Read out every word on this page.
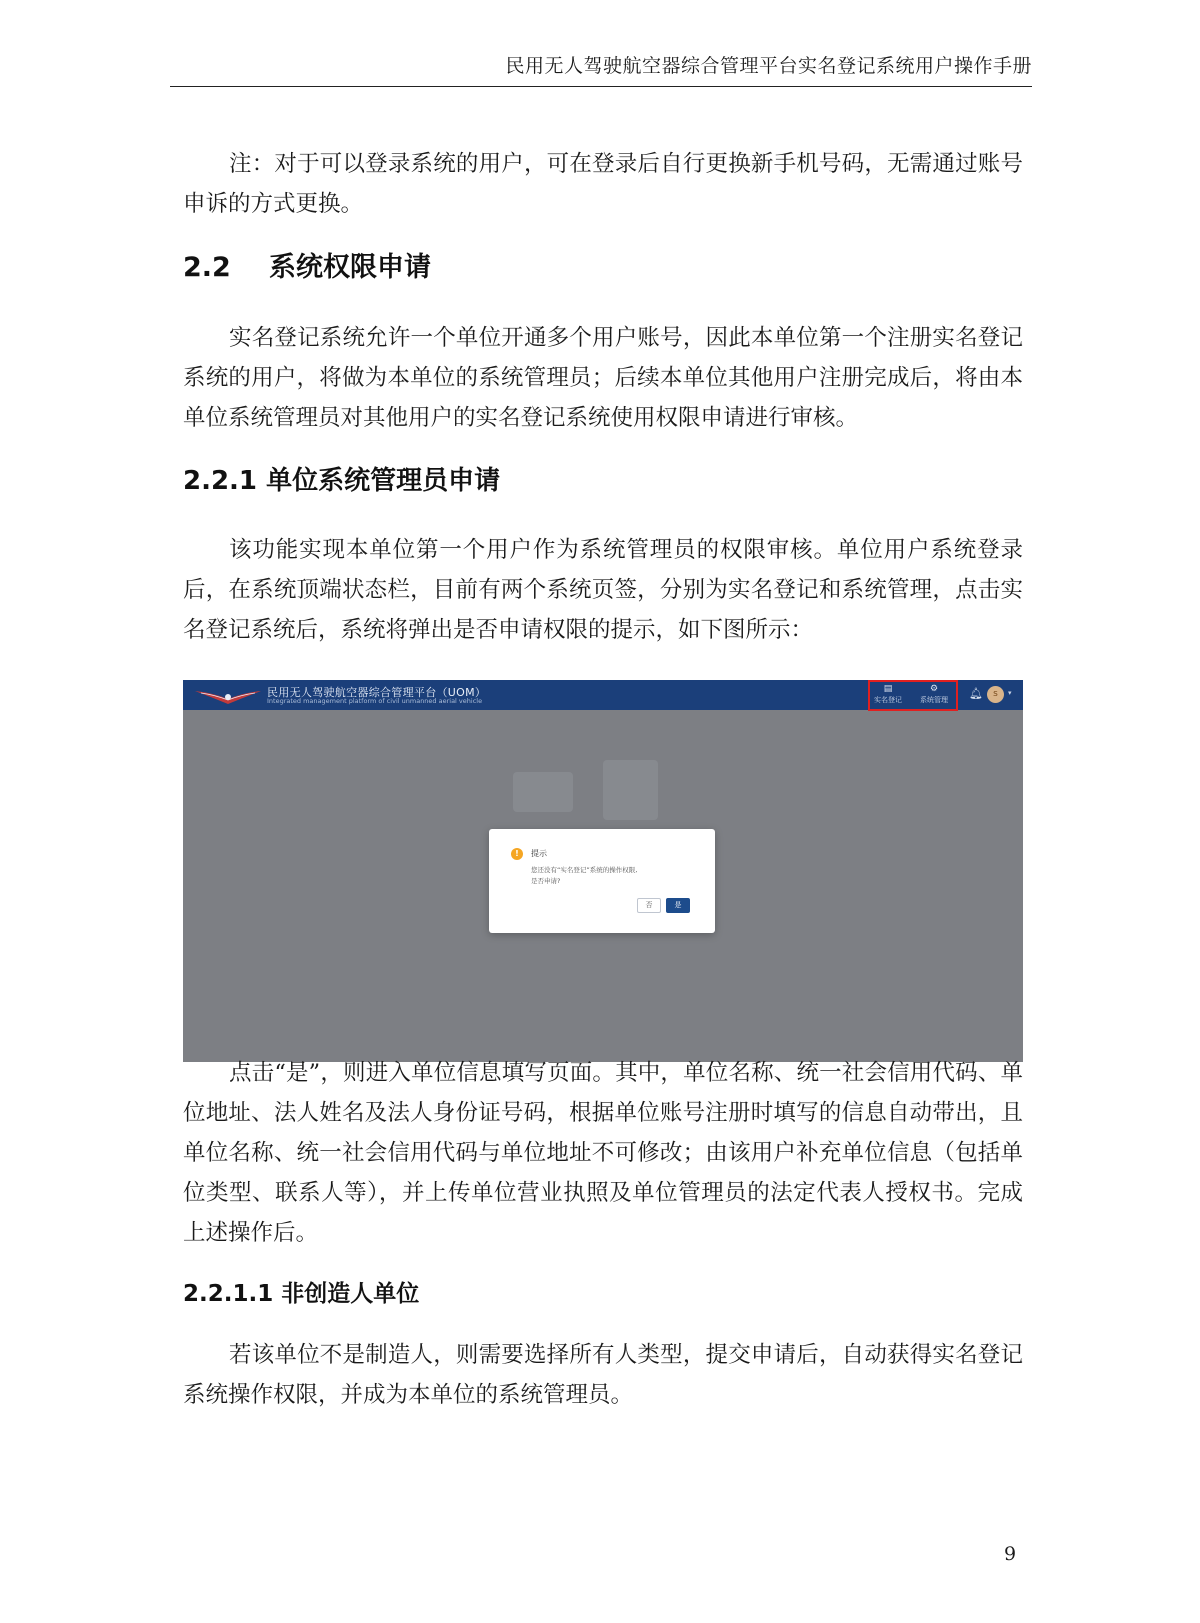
民用无人驾驶航空器综合管理平台实名登记系统用户操作手册

注：对于可以登录系统的用户，可在登录后自行更换新手机号码，无需通过账号申诉的方式更换。

2.2 系统权限申请

实名登记系统允许一个单位开通多个用户账号，因此本单位第一个注册实名登记系统的用户，将做为本单位的系统管理员；后续本单位其他用户注册完成后，将由本单位系统管理员对其他用户的实名登记系统使用权限申请进行审核。

2.2.1 单位系统管理员申请

该功能实现本单位第一个用户作为系统管理员的权限审核。单位用户系统登录后，在系统顶端状态栏，目前有两个系统页签，分别为实名登记和系统管理，点击实名登记系统后，系统将弹出是否申请权限的提示，如下图所示：

民用无人驾驶航空器综合管理平台（UOM）
Integrated management platform of civil unmanned aerial vehicle
▤
实名登记
⚙
系统管理	🔔︎	s	▾
!	提示
您还没有“实名登记”系统的操作权限,
是否申请?
否	是

点击“是”，则进入单位信息填写页面。其中，单位名称、统一社会信用代码、单位地址、法人姓名及法人身份证号码，根据单位账号注册时填写的信息自动带出，且单位名称、统一社会信用代码与单位地址不可修改；由该用户补充单位信息（包括单位类型、联系人等），并上传单位营业执照及单位管理员的法定代表人授权书。完成上述操作后。

2.2.1.1 非创造人单位

若该单位不是制造人，则需要选择所有人类型，提交申请后，自动获得实名登记系统操作权限，并成为本单位的系统管理员。

9
